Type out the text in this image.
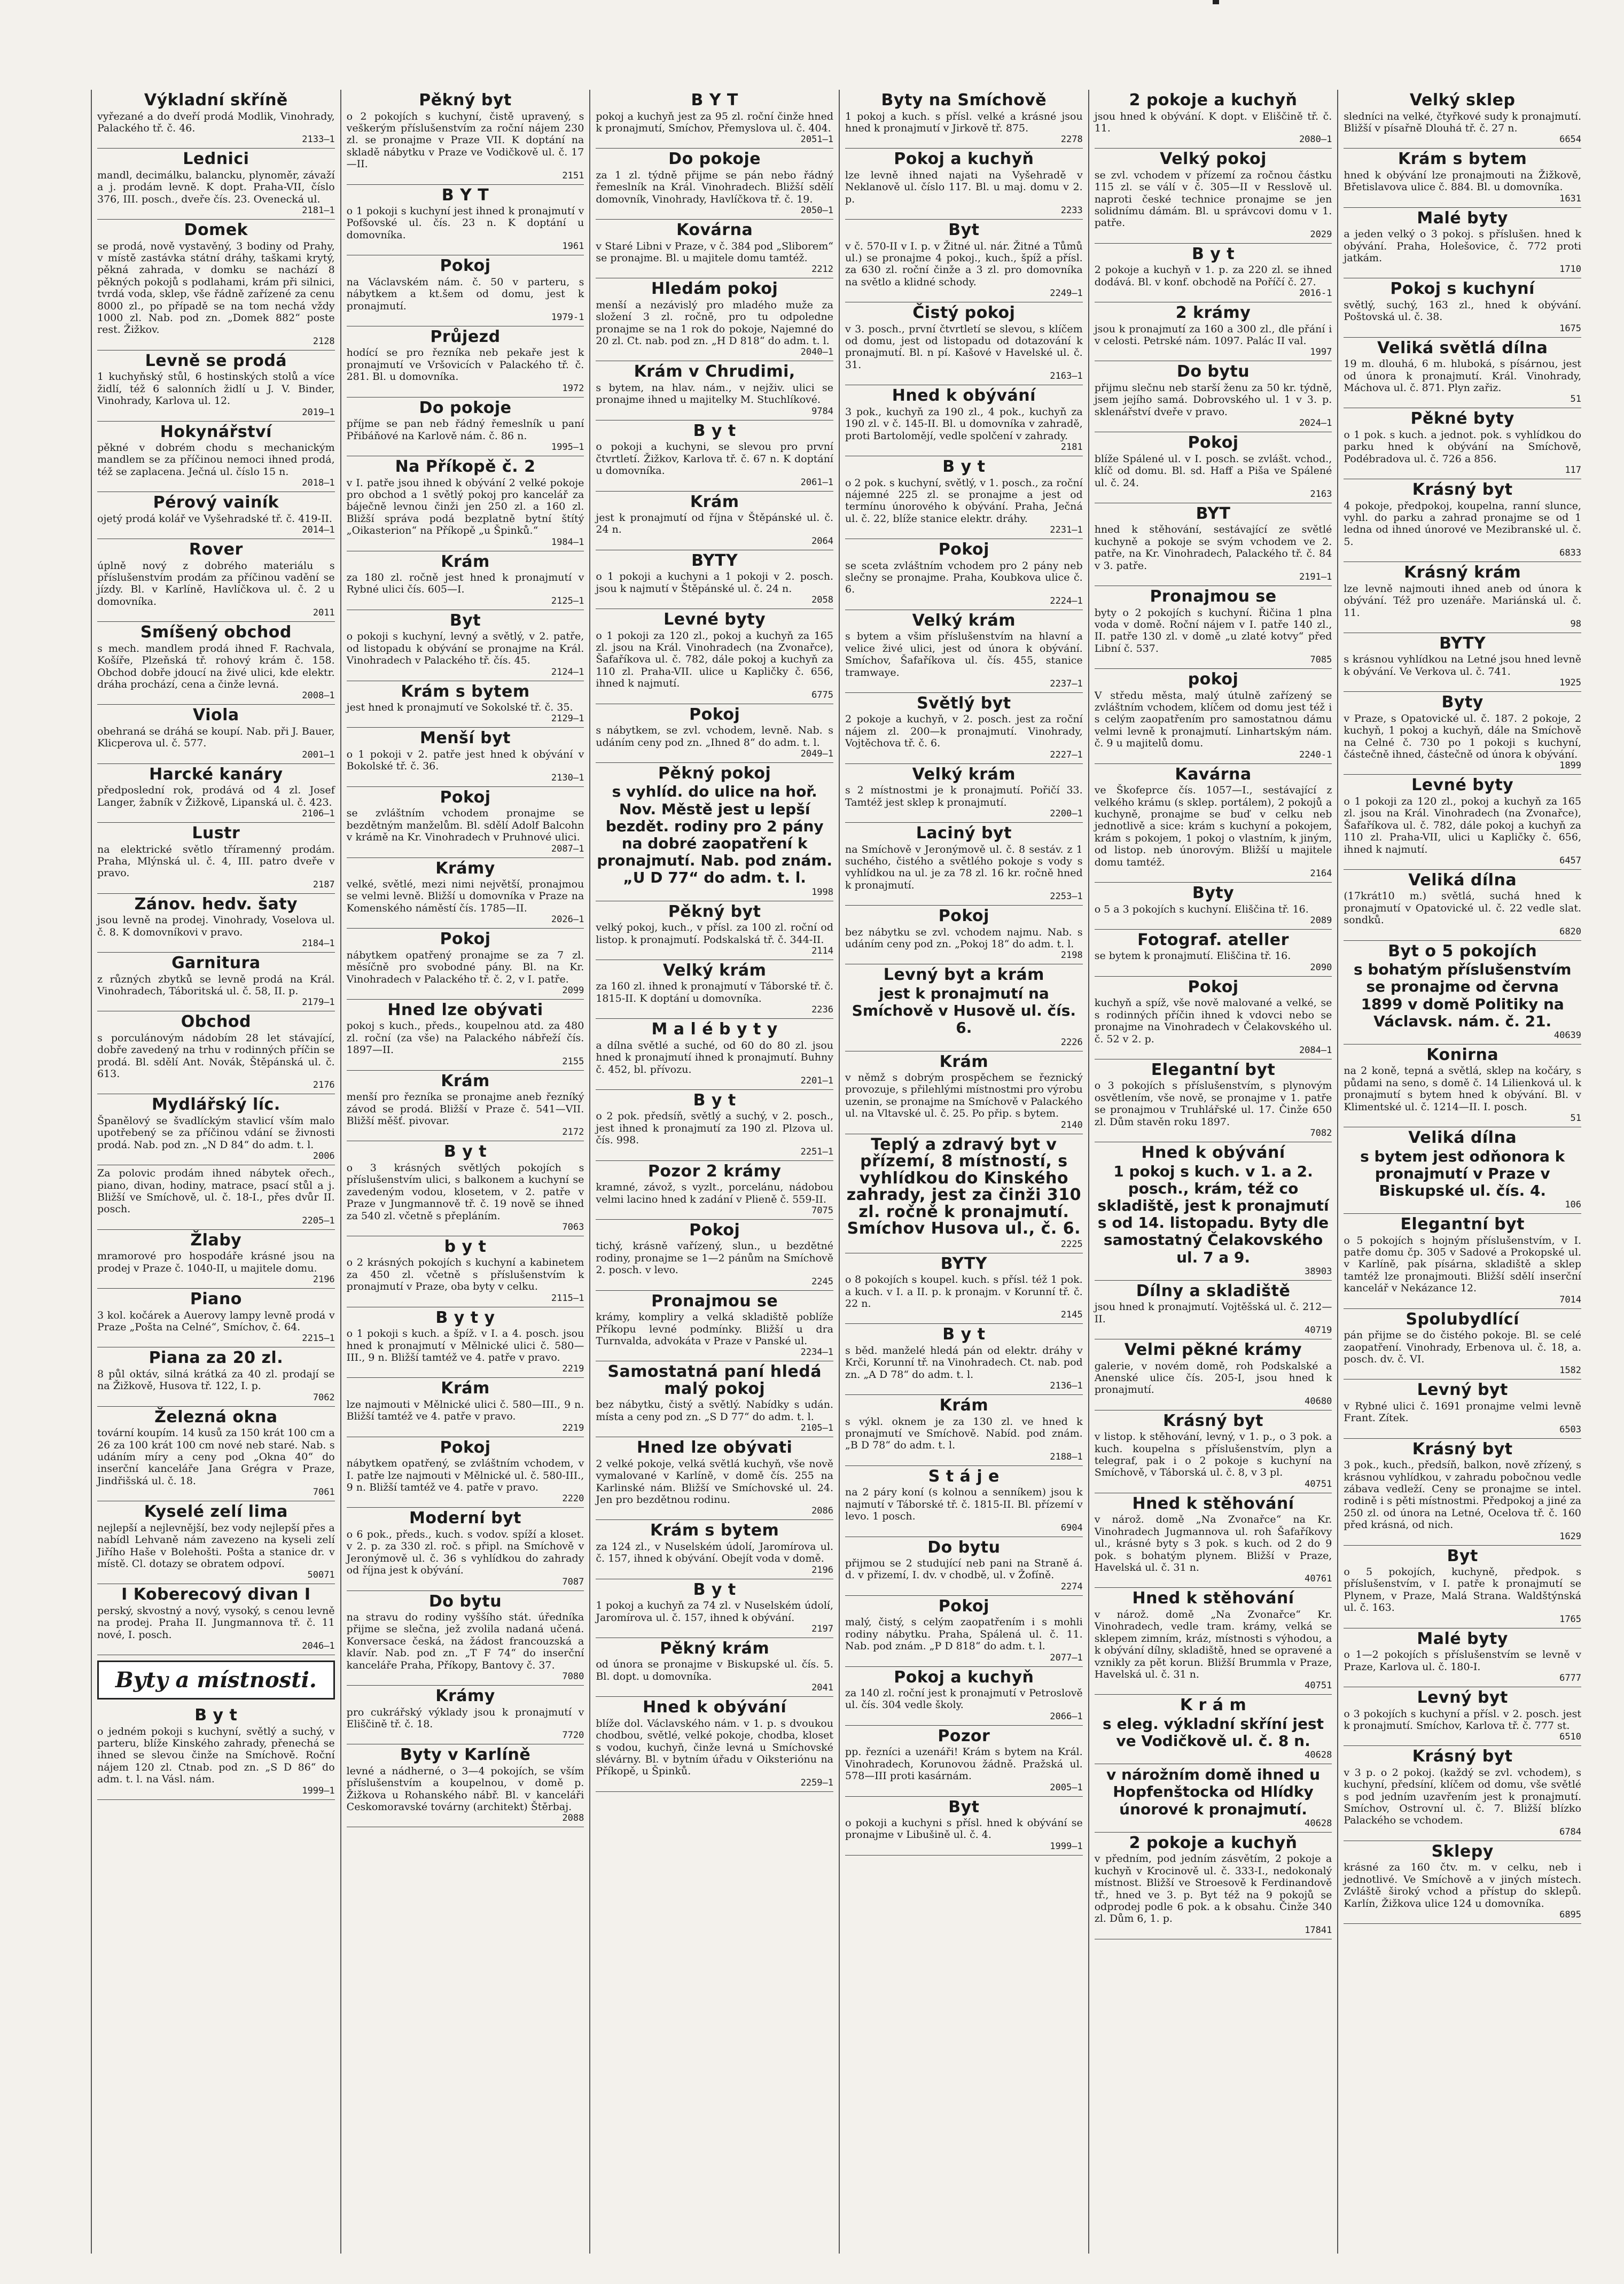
Výkladní skříně

vyřezané a do dveří prodá Modlik, Vinohrady, Palackého tř. č. 46.

2133—1
Lednici

mandl, decimálku, balancku, plynoměr, závaží a j. prodám levně. K dopt. Praha-VII, číslo 376, III. posch., dveře čís. 23. Ovenecká ul.

2181—1
Domek

se prodá, nově vystavěný, 3 bodiny od Prahy, v místě zastávka státní dráhy, taškami krytý, pěkná zahrada, v domku se nachází 8 pěkných pokojů s podlahami, krám při silnici, tvrdá voda, sklep, vše řádně zařízené za cenu 8000 zl., po případě se na tom nechá vždy 1000 zl. Nab. pod zn. „Domek 882“ poste rest. Žižkov.

2128
Levně se prodá

1 kuchyňský stůl, 6 hostinských stolů a více židlí, též 6 salonních židlí u J. V. Binder, Vinohrady, Karlova ul. 12.

2019—1
Hokynářství

pěkné v dobrém chodu s mechanickým mandlem se za příčinou nemoci ihned prodá, též se zaplacena. Ječná ul. číslo 15 n.

2018—1
Pérový vainík

ojetý prodá kolář ve Vyšehradské tř. č. 419-II.

2014—1
Rover

úplně nový z dobrého materiálu s příslušenstvím prodám za příčinou vadění se jízdy. Bl. v Karlíně, Havlíčkova ul. č. 2 u domovníka.

2011
Smíšený obchod

s mech. mandlem prodá ihned F. Rachvala, Košíře, Plzeňská tř. rohový krám č. 158. Obchod dobře jdoucí na živé ulici, kde elektr. dráha prochází, cena a činže levná.

2008—1
Viola

obehraná se dráhá se koupí. Nab. při J. Bauer, Klicperova ul. č. 577.

2001—1
Harcké kanáry

předposlední rok, prodává od 4 zl. Josef Langer, žabník v Žižkově, Lipanská ul. č. 423.

2106—1
Lustr

na elektrické světlo tříramenný prodám. Praha, Mlýnská ul. č. 4, III. patro dveře v pravo.

2187
Zánov. hedv. šaty

jsou levně na prodej. Vinohrady, Voselova ul. č. 8. K domovníkovi v pravo.

2184—1
Garnitura

z různých zbytků se levně prodá na Král. Vinohradech, Táboritská ul. č. 58, II. p.

2179—1
Obchod

s porculánovým nádobím 28 let stávající, dobře zavedený na trhu v rodinných příčin se prodá. Bl. sdělí Ant. Novák, Štěpánská ul. č. 613.

2176
Mydlářský líc.

Španělový se švadlíckým stavlicí vším malo upotřebený se za příčinou vdání se živnosti prodá. Nab. pod zn. „N D 84“ do adm. t. l.

2006

Za polovic prodám ihned nábytek ořech., piano, divan, hodiny, matrace, psací stůl a j. Bližší ve Smíchově, ul. č. 18-I., přes dvůr II. posch.

2205—1
Žlaby

mramorové pro hospodáře krásné jsou na prodej v Praze č. 1040-II, u majitele domu.

2196
Piano

3 kol. kočárek a Auerovy lampy levně prodá v Praze „Pošta na Celné“, Smíchov, č. 64.

2215—1
Piana za 20 zl.

8 půl oktáv, silná krátká za 40 zl. prodají se na Žižkově, Husova tř. 122, I. p.

7062
Železná okna

tovární koupím. 14 kusů za 150 krát 100 cm a 26 za 100 krát 100 cm nové neb staré. Nab. s udáním míry a ceny pod „Okna 40“ do inserční kanceláře Jana Grégra v Praze, Jindřišská ul. č. 18.

7061
Kyselé zelí lima

nejlepší a nejlevnější, bez vody nejlepší přes a nabídl Lehvaně nám zavezeno na kyseli zelí Jiřího Haše v Bolehošti. Pošta a stanice dr. v místě. Cl. dotazy se obratem odpoví.

50071
I Koberecový divan I

perský, skvostný a nový, vysoký, s cenou levně na prodej. Praha II. Jungmannova tř. č. 11 nové, I. posch.

2046—1
Byty a místnosti.
B y t

o jedném pokoji s kuchyní, světlý a suchý, v parteru, blíže Kinského zahrady, přenechá se ihned se slevou činže na Smíchově. Roční nájem 120 zl. Ctnab. pod zn. „S D 86“ do adm. t. l. na Vásl. nám.

1999—1
Pěkný byt

o 2 pokojích s kuchyní, čistě upravený, s veškerým příslušenstvím za roční nájem 230 zl. se pronajme v Praze VII. K doptání na skladě nábytku v Praze ve Vodičkově ul. č. 17—II.

2151
B Y T

o 1 pokoji s kuchyní jest ihned k pronajmutí v Pofšovské ul. čís. 23 n. K doptání u domovníka.

1961
Pokoj

na Václavském nám. č. 50 v parteru, s nábytkem a kt.šem od domu, jest k pronajmutí.

1979-1
Průjezd

hodící se pro řezníka neb pekaře jest k pronajmutí ve Vršovicích v Palackého tř. č. 281. Bl. u domovníka.

1972
Do pokoje

příjme se pan neb řádný řemeslník u paní Přibáňové na Karlově nám. č. 86 n.

1995—1
Na Příkopě č. 2

v I. patře jsou ihned k obývání 2 velké pokoje pro obchod a 1 světlý pokoj pro kancelář za báječně levnou činži jen 250 zl. a 160 zl. Bližší správa podá bezplatně bytní štítý „Oikasterion“ na Příkopě „u Špinků.“

1984—1
Krám

za 180 zl. ročně jest hned k pronajmutí v Rybné ulici čís. 605—I.

2125—1
Byt

o pokoji s kuchyní, levný a světlý, v 2. patře, od listopadu k obývání se pronajme na Král. Vinohradech v Palackého tř. čís. 45.

2124—1
Krám s bytem

jest hned k pronajmutí ve Sokolské tř. č. 35.

2129—1
Menší byt

o 1 pokoji v 2. patře jest hned k obývání v Bokolské tř. č. 36.

2130—1
Pokoj

se zvláštním vchodem pronajme se bezdětným manželům. Bl. sdělí Adolf Balcohn v krámě na Kr. Vinohradech v Pruhnové ulici.

2087—1
Krámy

velké, světlé, mezi nimi největší, pronajmou se velmi levně. Bližší u domovníka v Praze na Komenského náměstí čís. 1785—II.

2026—1
Pokoj

nábytkem opatřený pronajme se za 7 zl. měsíčně pro svobodné pány. Bl. na Kr. Vinohradech v Palackého tř. č. 2, v I. patře.

2099
Hned lze obývati

pokoj s kuch., předs., koupelnou atd. za 480 zl. roční (za vše) na Palackého nábřeží čís. 1897—II.

2155
Krám

menší pro řezníka se pronajme aneb řezníký závod se prodá. Bližší v Praze č. 541—VII. Bližší měšť. pivovar.

2172
B y t

o 3 krásných světlých pokojích s příslušenstvím ulici, s balkonem a kuchyní se zavedeným vodou, klosetem, v 2. patře v Praze v Jungmannově tř. č. 19 nově se ihned za 540 zl. včetně s přepláním.

7063
b y t

o 2 krásných pokojích s kuchyní a kabinetem za 450 zl. včetně s příslušenstvím k pronajmutí v Praze, oba byty v celku.

2115—1
B y t y

o 1 pokoji s kuch. a špíž. v I. a 4. posch. jsou hned k pronajmutí v Mělnické ulici č. 580—III., 9 n. Bližší tamtéž ve 4. patře v pravo.

2219
Krám

lze najmouti v Mělnické ulici č. 580—III., 9 n. Bližší tamtéž ve 4. patře v pravo.

2219
Pokoj

nábytkem opatřený, se zvláštním vchodem, v I. patře lze najmouti v Mělnické ul. č. 580-III., 9 n. Bližší tamtéž ve 4. patře v pravo.

2220
Moderní byt

o 6 pok., předs., kuch. s vodov. spíží a kloset. v 2. p. za 330 zl. roč. s připl. na Smíchově v Jeronýmově ul. č. 36 s vyhlídkou do zahrady od října jest k obývání.

7087
Do bytu

na stravu do rodiny vyššího stát. úředníka přijme se slečna, jež zvolila nadaná učená. Konversace česká, na žádost francouzská a klavír. Nab. pod zn. „T F 74“ do inserční kanceláře Praha, Příkopy, Bantovy č. 37.

7080
Krámy

pro cukrářský výklady jsou k pronajmutí v Eliščině tř. č. 18.

7720
Byty v Karlíně

levné a nádherné, o 3—4 pokojích, se vším příslušenstvím a koupelnou, v domě p. Žižkova u Rohanského nábř. Bl. v kanceláři Ceskomoravské továrny (architekt) Štěrbaj.

2088
B Y T

pokoj a kuchyň jest za 95 zl. roční činže hned k pronajmutí, Smíchov, Přemyslova ul. č. 404.

2051—1
Do pokoje

za 1 zl. týdně přijme se pán nebo řádný řemeslník na Král. Vinohradech. Bližší sdělí domovník, Vinohrady, Havlíčkova tř. č. 19.

2050—1
Kovárna

v Staré Libni v Praze, v č. 384 pod „Sliborem“ se pronajme. Bl. u majitele domu tamtéž.

2212
Hledám pokoj

menší a nezávislý pro mladého muže za složení 3 zl. ročně, pro tu odpoledne pronajme se na 1 rok do pokoje, Najemné do 20 zl. Ct. nab. pod zn. „H D 818“ do adm. t. l.

2040—1
Krám v Chrudimi,

s bytem, na hlav. nám., v nejživ. ulici se pronajme ihned u majitelky M. Stuchlíkové.

9784
B y t

o pokoji a kuchyni, se slevou pro první čtvrtletí. Žižkov, Karlova tř. č. 67 n. K doptání u domovníka.

2061—1
Krám

jest k pronajmutí od října v Štěpánské ul. č. 24 n.

2064
BYTY

o 1 pokoji a kuchyni a 1 pokoji v 2. posch. jsou k najmutí v Štěpánské ul. č. 24 n.

2058
Levné byty

o 1 pokoji za 120 zl., pokoj a kuchyň za 165 zl. jsou na Král. Vinohradech (na Zvonařce), Šafaříkova ul. č. 782, dále pokoj a kuchyň za 110 zl. Praha-VII. ulice u Kapličky č. 656, ihned k najmutí.

6775
Pokoj

s nábytkem, se zvl. vchodem, levně. Nab. s udáním ceny pod zn. „Ihned 8“ do adm. t. l.

2049—1
Pěkný pokoj

s vyhlíd. do ulice na hoř. Nov. Městě jest u lepší bezdět. rodiny pro 2 pány na dobré zaopatření k pronajmutí. Nab. pod znám. „U D 77“ do adm. t. l.

1998
Pěkný byt

velký pokoj, kuch., v přísl. za 100 zl. roční od listop. k pronajmutí. Podskalská tř. č. 344-II.

2114
Velký krám

za 160 zl. ihned k pronajmutí v Táborské tř. č. 1815-II. K doptání u domovníka.

2236
M a l é b y t y

a dílna světlé a suché, od 60 do 80 zl. jsou hned k pronajmutí ihned k pronajmutí. Buhny č. 452, bl. přívozu.

2201—1
B y t

o 2 pok. předsíň, světlý a suchý, v 2. posch., jest ihned k pronajmutí za 190 zl. Plzova ul. čís. 998.

2251—1
Pozor 2 krámy

kramné, závož, s vyzlt., porcelánu, nádobou velmi lacino hned k zadání v Plieně č. 559-II.

7075
Pokoj

tichý, krásně vařízený, slun., u bezdětné rodiny, pronajme se 1—2 pánům na Smíchově 2. posch. v levo.

2245
Pronajmou se

krámy, kompliry a velká skladiště poblíže Příkopu levné podmínky. Bližší u dra Turnvalda, advokáta v Praze v Panské ul.

2234—1
Samostatná paní hledá malý pokoj

bez nábytku, čistý a světlý. Nabídky s udán. místa a ceny pod zn. „S D 77“ do adm. t. l.

2105—1
Hned lze obývati

2 velké pokoje, velká světlá kuchyň, vše nově vymalované v Karlíně, v domě čís. 255 na Karlinské nám. Bližší ve Smíchovské ul. 24. Jen pro bezdětnou rodinu.

2086
Krám s bytem

za 124 zl., v Nuselském údolí, Jaromírova ul. č. 157, ihned k obývání. Obejít voda v domě.

2196
B y t

1 pokoj a kuchyň za 74 zl. v Nuselském údolí, Jaromírova ul. č. 157, ihned k obývání.

2197
Pěkný krám

od února se pronajme v Biskupské ul. čís. 5. Bl. dopt. u domovníka.

2041
Hned k obývání

blíže dol. Václavského nám. v 1. p. s dvoukou chodbou, světlé, velké pokoje, chodba, kloset s vodou, kuchyň, činže levná u Smíchovské slévárny. Bl. v bytním úřadu v Oiksteriónu na Příkopě, u Špinků.

2259—1
Byty na Smíchově

1 pokoj a kuch. s přísl. velké a krásné jsou hned k pronajmutí v Jirkově tř. 875.

2278
Pokoj a kuchyň

lze levně ihned najati na Vyšehradě v Neklanově ul. číslo 117. Bl. u maj. domu v 2. p.

2233
Byt

v č. 570-II v I. p. v Žitné ul. nár. Žitné a Tůmů ul.) se pronajme 4 pokoj., kuch., špíž a přísl. za 630 zl. roční činže a 3 zl. pro domovníka na světlo a klidné schody.

2249—1
Čistý pokoj

v 3. posch., první čtvrtletí se slevou, s klíčem od domu, jest od listopadu od dotazování k pronajmutí. Bl. n pí. Kašové v Havelské ul. č. 31.

2163—1
Hned k obývání

3 pok., kuchyň za 190 zl., 4 pok., kuchyň za 190 zl. v č. 145-II. Bl. u domovníka v zahradě, proti Bartolomějí, vedle spolčení v zahrady.

2181
B y t

o 2 pok. s kuchyní, světlý, v 1. posch., za roční nájemné 225 zl. se pronajme a jest od termínu únorového k obývání. Praha, Ječná ul. č. 22, blíže stanice elektr. dráhy.

2231—1
Pokoj

se sceta zvláštním vchodem pro 2 pány neb slečny se pronajme. Praha, Koubkova ulice č. 6.

2224—1
Velký krám

s bytem a všim příslušenstvím na hlavní a velice živé ulici, jest od února k obývání. Smíchov, Šafaříkova ul. čís. 455, stanice tramwaye.

2237—1
Světlý byt

2 pokoje a kuchyň, v 2. posch. jest za roční nájem zl. 200—k pronajmutí. Vinohrady, Vojtěchova tř. č. 6.

2227—1
Velký krám

s 2 místnostmi je k pronajmutí. Pořičí 33. Tamtéž jest sklep k pronajmutí.

2200—1
Laciný byt

na Smíchově v Jeronýmově ul. č. 8 sestáv. z 1 suchého, čistého a světlého pokoje s vody s vyhlídkou na ul. je za 78 zl. 16 kr. ročně hned k pronajmutí.

2253—1
Pokoj

bez nábytku se zvl. vchodem najmu. Nab. s udáním ceny pod zn. „Pokoj 18“ do adm. t. l.

2198
Levný byt a krám

jest k pronajmutí na Smíchově v Husově ul. čís. 6.

2226
Krám

v němž s dobrým prospěchem se řeznický provozuje, s přilehlými místnostmi pro výrobu uzenin, se pronajme na Smíchově v Palackého ul. na Vltavské ul. č. 25. Po přip. s bytem.

2140
Teplý a zdravý byt v přízemí, 8 místností, s vyhlídkou do Kinského zahrady, jest za činži 310 zl. ročně k pronajmutí. Smíchov Husova ul., č. 6.
2225
BYTY

o 8 pokojích s koupel. kuch. s přísl. též 1 pok. a kuch. v I. a II. p. k pronajm. v Korunní tř. č. 22 n.

2145
B y t

s běd. manželé hledá pán od elektr. dráhy v Krči, Korunní tř. na Vinohradech. Ct. nab. pod zn. „A D 78“ do adm. t. l.

2136—1
Krám

s výkl. oknem je za 130 zl. ve hned k pronajmutí ve Smíchově. Nabíd. pod znám. „B D 78“ do adm. t. l.

2188—1
S t á j e

na 2 páry koní (s kolnou a senníkem) jsou k najmutí v Táborské tř. č. 1815-II. Bl. přízemí v levo. 1 posch.

6904
Do bytu

přijmou se 2 studující neb pani na Straně á. d. v přizemí, I. dv. v chodbě, ul. v Žofíně.

2274
Pokoj

malý, čistý, s celým zaopatřením i s mohli rodiny nábytku. Praha, Spálená ul. č. 11. Nab. pod znám. „P D 818“ do adm. t. l.

2077—1
Pokoj a kuchyň

za 140 zl. roční jest k pronajmutí v Petroslově ul. čís. 304 vedle školy.

2066—1
Pozor

pp. řezníci a uzenáři! Krám s bytem na Král. Vinohradech, Korunovou žádně. Pražská ul. 578—III proti kasárnám.

2005—1
Byt

o pokoji a kuchyni s přísl. hned k obývání se pronajme v Libušině ul. č. 4.

1999—1
2 pokoje a kuchyň

jsou hned k obývání. K dopt. v Eliščině tř. č. 11.

2080—1
Velký pokoj

se zvl. vchodem v přízemí za ročnou částku 115 zl. se válí v č. 305—II v Resslově ul. naproti české technice pronajme se jen solidnímu dámám. Bl. u správcovi domu v 1. patře.

2029
B y t

2 pokoje a kuchyň v 1. p. za 220 zl. se ihned dodává. Bl. v konf. obchodě na Poříčí č. 27.

2016-1
2 krámy

jsou k pronajmutí za 160 a 300 zl., dle přání i v celosti. Petrské nám. 1097. Palác II val.

1997
Do bytu

přijmu slečnu neb starší ženu za 50 kr. týdně, jsem jejího samá. Dobrovského ul. 1 v 3. p. sklenářství dveře v pravo.

2024—1
Pokoj

blíže Spálené ul. v I. posch. se zvlášt. vchod., klíč od domu. Bl. sd. Haff a Piša ve Spálené ul. č. 24.

2163
BYT

hned k stěhování, sestávající ze světlé kuchyně a pokoje se svým vchodem ve 2. patře, na Kr. Vinohradech, Palackého tř. č. 84 v 3. patře.

2191—1
Pronajmou se

byty o 2 pokojích s kuchyní. Řičina 1 plna voda v domě. Roční nájem v I. patře 140 zl., II. patře 130 zl. v domě „u zlaté kotvy“ před Libní č. 537.

7085
pokoj

V středu města, malý útulně zařízený se zvláštním vchodem, klíčem od domu jest též i s celým zaopatřením pro samostatnou dámu velmi levně k pronajmutí. Linhartským nám. č. 9 u majitelů domu.

2240-1
Kavárna

ve Škofeprce čís. 1057—I., sestávající z velkého krámu (s sklep. portálem), 2 pokojů a kuchyně, pronajme se buď v celku neb jednotlivě a sice: krám s kuchyní a pokojem, krám s pokojem, 1 pokoj o vlastním, k jiným, od listop. neb únorovým. Bližší u majitele domu tamtéž.

2164
Byty

o 5 a 3 pokojích s kuchyní. Eliščina tř. 16.

2089
Fotograf. ateller

se bytem k pronajmutí. Eliščina tř. 16.

2090
Pokoj

kuchyň a spíž, vše nově malované a velké, se s rodinných příčin ihned k vdovci nebo se pronajme na Vinohradech v Čelakovského ul. č. 52 v 2. p.

2084—1
Elegantní byt

o 3 pokojích s příslušenstvím, s plynovým osvětlením, vše nově, se pronajme v 1. patře se pronajmou v Truhlářské ul. 17. Činže 650 zl. Dům stavěn roku 1897.

7082
Hned k obývání

1 pokoj s kuch. v 1. a 2. posch., krám, též co skladiště, jest k pronajmutí s od 14. listopadu. Byty dle samostatný Čelakovského ul. 7 a 9.

38903
Dílny a skladiště

jsou hned k pronajmutí. Vojtěšská ul. č. 212—II.

40719
Velmi pěkné krámy

galerie, v novém domě, roh Podskalské a Anenské ulice čís. 205-I, jsou hned k pronajmutí.

40680
Krásný byt

v listop. k stěhování, levný, v 1. p., o 3 pok. a kuch. koupelna s příslušenstvím, plyn a telegraf, pak i o 2 pokoje s kuchyní na Smíchově, v Táborská ul. č. 8, v 3 pl.

40751
Hned k stěhování

v nárož. domě „Na Zvonařce“ na Kr. Vinohradech Jugmannova ul. roh Šafaříkovy ul., krásné byty s 3 pok. s kuch. od 2 do 9 pok. s bohatým plynem. Bližší v Praze, Havelská ul. č. 31 n.

40761
Hned k stěhování

v nárož. domě „Na Zvonařce“ Kr. Vinohradech, vedle tram. krámy, velká se sklepem zimním, kráz, místnosti s výhodou, a k obývání dílny, skladiště, hned se opravené a vznikly za pět korun. Bližší Brummla v Praze, Havelská ul. č. 31 n.

40751
K r á m

s eleg. výkladní skříní jest ve Vodičkově ul. č. 8 n.

40628

v nárožním domě ihned u Hopfenštocka od Hlídky únorové k pronajmutí.

40628
2 pokoje a kuchyň

v předním, pod jedním zásvětím, 2 pokoje a kuchyň v Krocinově ul. č. 333-I., nedokonalý místnost. Bližší ve Stroesově k Ferdinandově tř., hned ve 3. p. Byt též na 9 pokojů se odprodej podle 6 pok. a k obsahu. Činže 340 zl. Dům 6, 1. p.

17841
Velký sklep

sledníci na velké, čtyřkové sudy k pronajmutí. Bližší v písařně Dlouhá tř. č. 27 n.

6654
Krám s bytem

hned k obývání lze pronajmouti na Žižkově, Břetislavova ulice č. 884. Bl. u domovníka.

1631
Malé byty

a jeden velký o 3 pokoj. s příslušen. hned k obývání. Praha, Holešovice, č. 772 proti jatkám.

1710
Pokoj s kuchyní

světlý, suchý, 163 zl., hned k obývání. Poštovská ul. č. 38.

1675
Veliká světlá dílna

19 m. dlouhá, 6 m. hluboká, s písárnou, jest od února k pronajmutí. Král. Vinohrady, Máchova ul. č. 871. Plyn zařiz.

51
Pěkné byty

o 1 pok. s kuch. a jednot. pok. s vyhlídkou do parku hned k obývání na Smíchově, Podébradova ul. č. 726 a 856.

117
Krásný byt

4 pokoje, předpokoj, koupelna, ranní slunce, vyhl. do parku a zahrad pronajme se od 1 ledna od ihned únorové ve Mezibranské ul. č. 5.

6833
Krásný krám

lze levně najmouti ihned aneb od února k obývání. Též pro uzenáře. Mariánská ul. č. 11.

98
BYTY

s krásnou vyhlídkou na Letné jsou hned levně k obývání. Ve Verkova ul. č. 741.

1925
Byty

v Praze, s Opatovické ul. č. 187. 2 pokoje, 2 kuchyň, 1 pokoj a kuchyň, dále na Smíchově na Celné č. 730 po 1 pokoji s kuchyní, částečně ihned, částečně od února k obývání.

1899
Levné byty

o 1 pokoji za 120 zl., pokoj a kuchyň za 165 zl. jsou na Král. Vinohradech (na Zvonařce), Šafaříkova ul. č. 782, dále pokoj a kuchyň za 110 zl. Praha-VII, ulici u Kapličky č. 656, ihned k najmutí.

6457
Veliká dílna

(17krát10 m.) světlá, suchá hned k pronajmutí v Opatovické ul. č. 22 vedle slat. sondků.

6820
Byt o 5 pokojích

s bohatým příslušenstvím se pronajme od června 1899 v domě Politiky na Václavsk. nám. č. 21.

40639
Konirna

na 2 koně, tepná a světlá, sklep na kočáry, s půdami na seno, s domě č. 14 Lilienková ul. k pronajmutí s bytem hned k obývání. Bl. v Klimentské ul. č. 1214—II. I. posch.

51
Veliká dílna

s bytem jest odňonora k pronajmutí v Praze v Biskupské ul. čís. 4.

106
Elegantní byt

o 5 pokojích s hojným příslušenstvím, v I. patře domu čp. 305 v Sadové a Prokopské ul. v Karlíně, pak písárna, skladiště a sklep tamtéž lze pronajmouti. Bližší sdělí inserční kancelář v Nekázance 12.

7014
Spolubydlící

pán přijme se do čistého pokoje. Bl. se celé zaopatření. Vinohrady, Erbenova ul. č. 18, a. posch. dv. č. VI.

1582
Levný byt

v Rybné ulici č. 1691 pronajme velmi levně Frant. Zítek.

6503
Krásný byt

3 pok., kuch., předsíň, balkon, nově zřízený, s krásnou vyhlídkou, v zahradu pobočnou vedle zábava vedleží. Ceny se pronajme se intel. rodině i s pěti místnostmi. Předpokoj a jiné za 250 zl. od února na Letné, Ocelova tř. č. 160 před krásná, od nich.

1629
Byt

o 5 pokojích, kuchyně, předpok. s příslušenstvím, v I. patře k pronajmutí se Plynem, v Praze, Malá Strana. Waldštýnská ul. č. 163.

1765
Malé byty

o 1—2 pokojích s příslušenstvím se levně v Praze, Karlova ul. č. 180-I.

6777
Levný byt

o 3 pokojích s kuchyní a přísl. v 2. posch. jest k pronajmutí. Smíchov, Karlova tř. č. 777 st.

6510
Krásný byt

v 3 p. o 2 pokoj. (každý se zvl. vchodem), s kuchyní, předsíní, klíčem od domu, vše světlé s pod jedním uzavřením jest k pronajmutí. Smíchov, Ostrovní ul. č. 7. Bližší blízko Palackého se vchodem.

6784
Sklepy

krásné za 160 čtv. m. v celku, neb i jednotlivé. Ve Smíchově a v jiných místech. Zvláště široký vchod a přístup do sklepů. Karlín, Žižkova ulice 124 u domovníka.

6895
